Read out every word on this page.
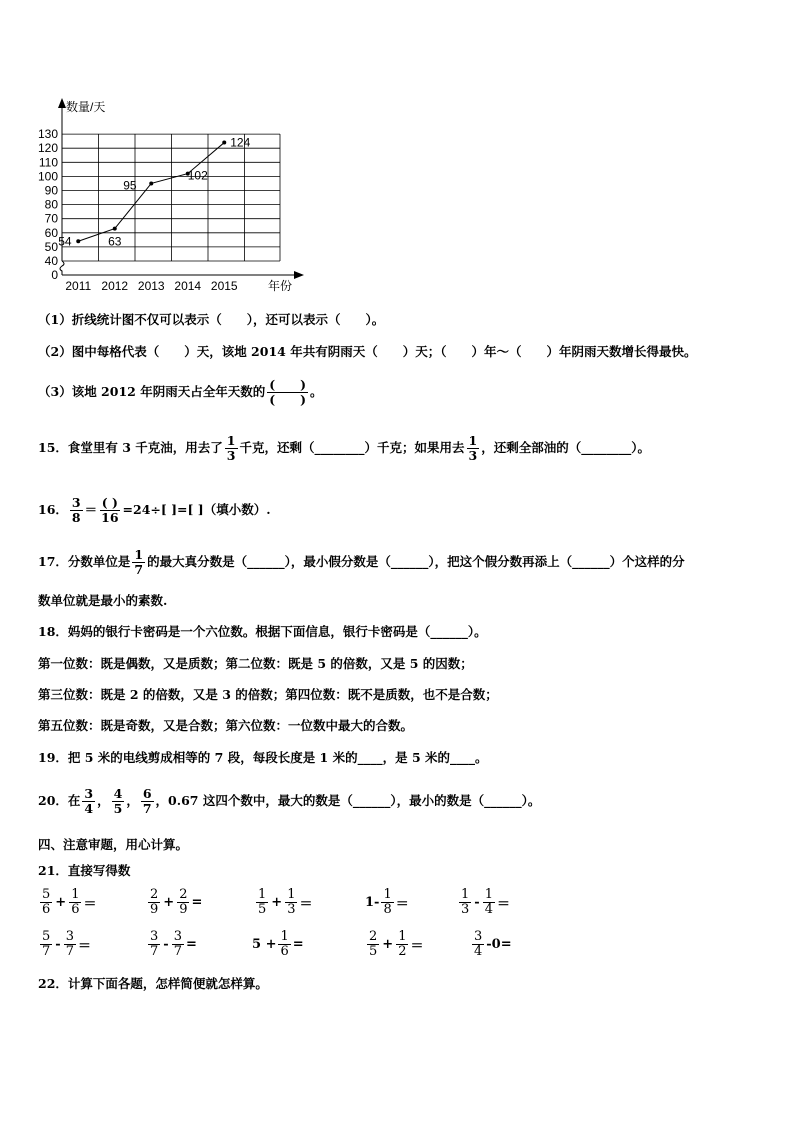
0
40
50
60
70
80
90
100
110
120
130
2011 2012 2013 2014 2015
54	63
95
102
124
数量/天
年份
（1）折线统计图不仅可以表示（　　），还可以表示（　　）。
（2）图中每格代表（　　）天，该地 2014 年共有阴雨天（　　）天；（　　）年～（　　）年阴雨天数增长得最快。
（3）该地 2012 年阴雨天占全年天数的 $\frac{( )}{( )}$ 。
15．食堂里有 3 千克油，用去了 $\frac{1}{3}$ 千克，还剩（________）千克；如果用去 $\frac{1}{3}$ ，还剩全部油的（________）。
16． $\frac{3}{8} = \frac{( )}{16} =24\div$[ ]=[ ]（填小数）.
17．分数单位是 $\frac{1}{7}$ 的最大真分数是（______），最小假分数是（______），把这个假分数再添上（______）个这样的分
数单位就是最小的素数.
18．妈妈的银行卡密码是一个六位数。根据下面信息，银行卡密码是（______）。
第一位数：既是偶数，又是质数；第二位数：既是 5 的倍数，又是 5 的因数；
第三位数：既是 2 的倍数，又是 3 的倍数；第四位数：既不是质数，也不是合数；
第五位数：既是奇数，又是合数；第六位数：一位数中最大的合数。
19．把 5 米的电线剪成相等的 7 段，每段长度是 1 米的____，是 5 米的____。
20．在 $\frac{3}{4}$ ， $\frac{4}{5}$ ， $\frac{6}{7}$ ，0.67 这四个数中，最大的数是（______），最小的数是（______）。
四、注意审题，用心计算。
21．直接写得数
$\frac{5}{6} + \frac{1}{6}$ ＝	$\frac{2}{9} + \frac{2}{9}$ =	$\frac{1}{5} + \frac{1}{3}$ ＝	$1- \frac{1}{8}$ ＝	$\frac{1}{3} - \frac{1}{4}$ ＝
$\frac{5}{7} - \frac{3}{7}$ ＝	$\frac{3}{7} - \frac{3}{7}$ =	$5 + \frac{1}{6}$ =	$\frac{2}{5} + \frac{1}{2}$ ＝	$\frac{3}{4} -0=$
22．计算下面各题，怎样简便就怎样算。
